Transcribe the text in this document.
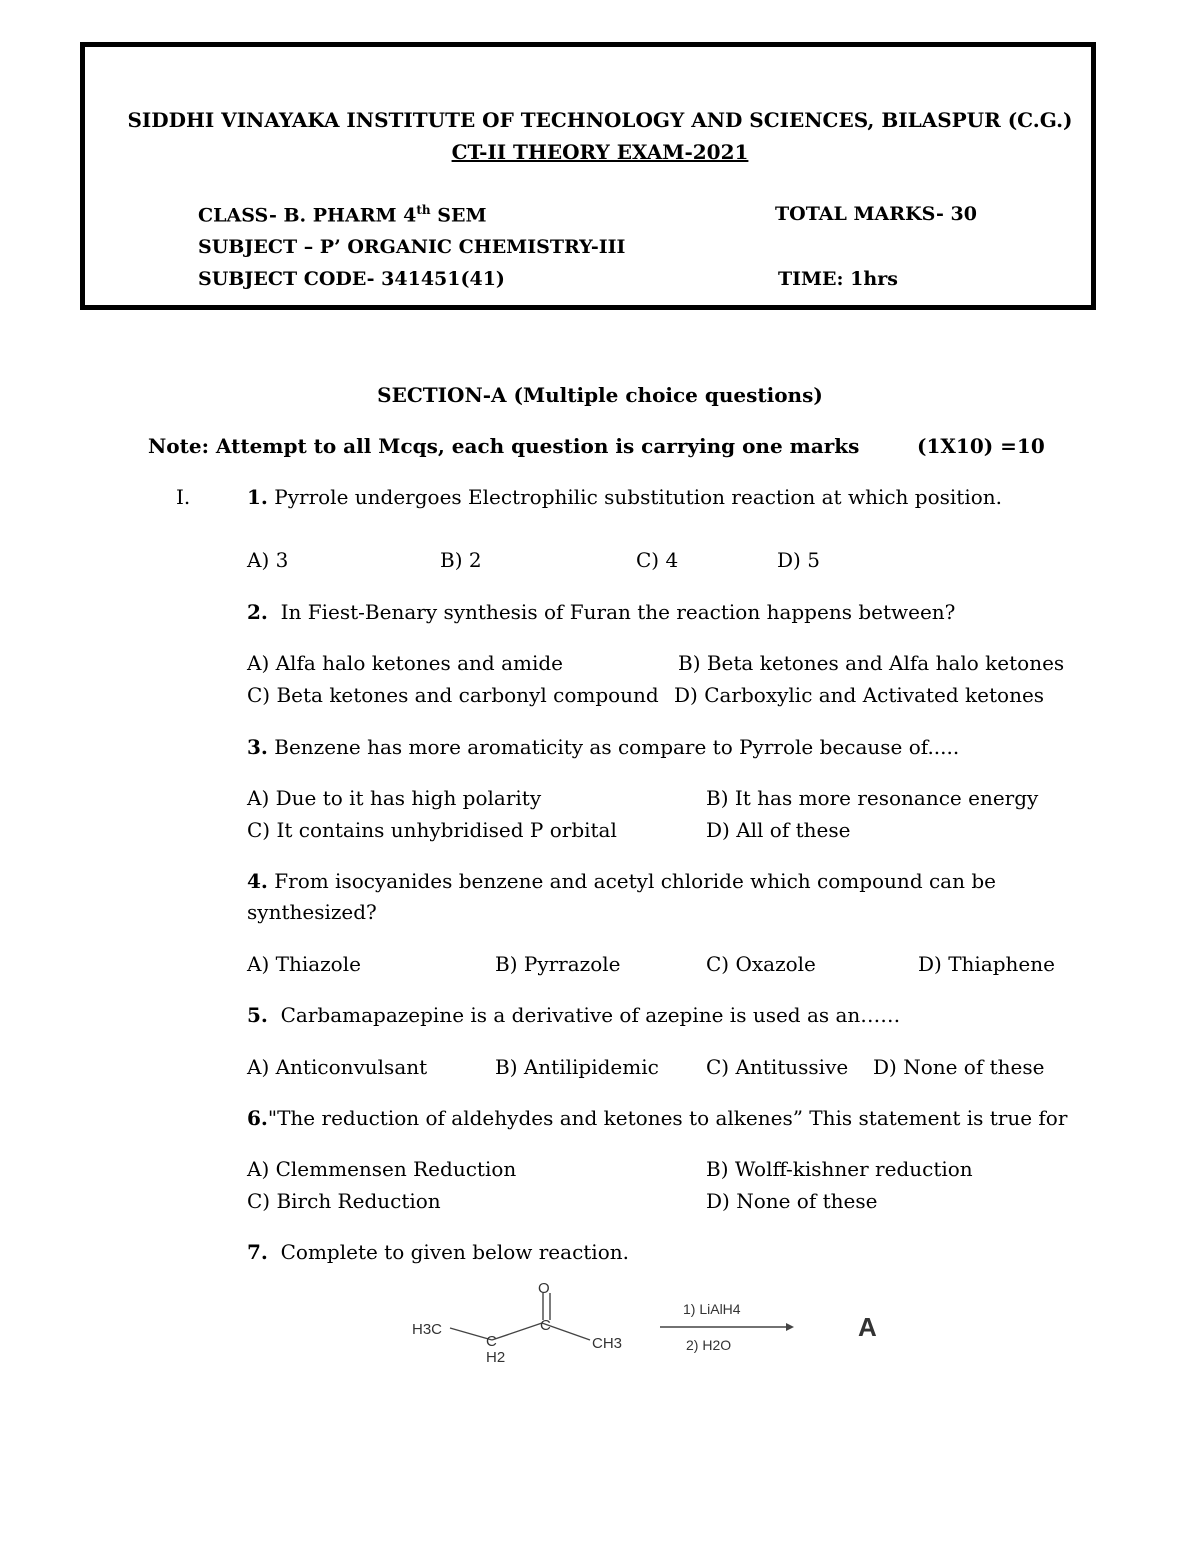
SIDDHI VINAYAKA INSTITUTE OF TECHNOLOGY AND SCIENCES, BILASPUR (C.G.)
CT-II THEORY EXAM-2021
CLASS- B. PHARM 4th SEM
SUBJECT – P’ ORGANIC CHEMISTRY-III
SUBJECT CODE- 341451(41)
TOTAL MARKS- 30
TIME: 1hrs
SECTION-A (Multiple choice questions)
Note: Attempt to all Mcqs, each question is carrying one marks	(1X10) =10
I.	1. Pyrrole undergoes Electrophilic substitution reaction at which position.
A) 3	B) 2	C) 4	D) 5
2. In Fiest-Benary synthesis of Furan the reaction happens between?
A) Alfa halo ketones and amide	B) Beta ketones and Alfa halo ketones
C) Beta ketones and carbonyl compound D) Carboxylic and Activated ketones
3. Benzene has more aromaticity as compare to Pyrrole because of.....
A) Due to it has high polarity	B) It has more resonance energy
C) It contains unhybridised P orbital	D) All of these
4. From isocyanides benzene and acetyl chloride which compound can be
synthesized?
A) Thiazole	B) Pyrrazole	C) Oxazole	D) Thiaphene
5. Carbamapazepine is a derivative of azepine is used as an……
A) Anticonvulsant	B) Antilipidemic C) Antitussive D) None of these
6."The reduction of aldehydes and ketones to alkenes” This statement is true for
A) Clemmensen Reduction	B) Wolff-kishner reduction
C) Birch Reduction	D) None of these
7. Complete to given below reaction.
O
H3C
C
H2
C
CH3
1) LiAlH4
2) H2O
A
